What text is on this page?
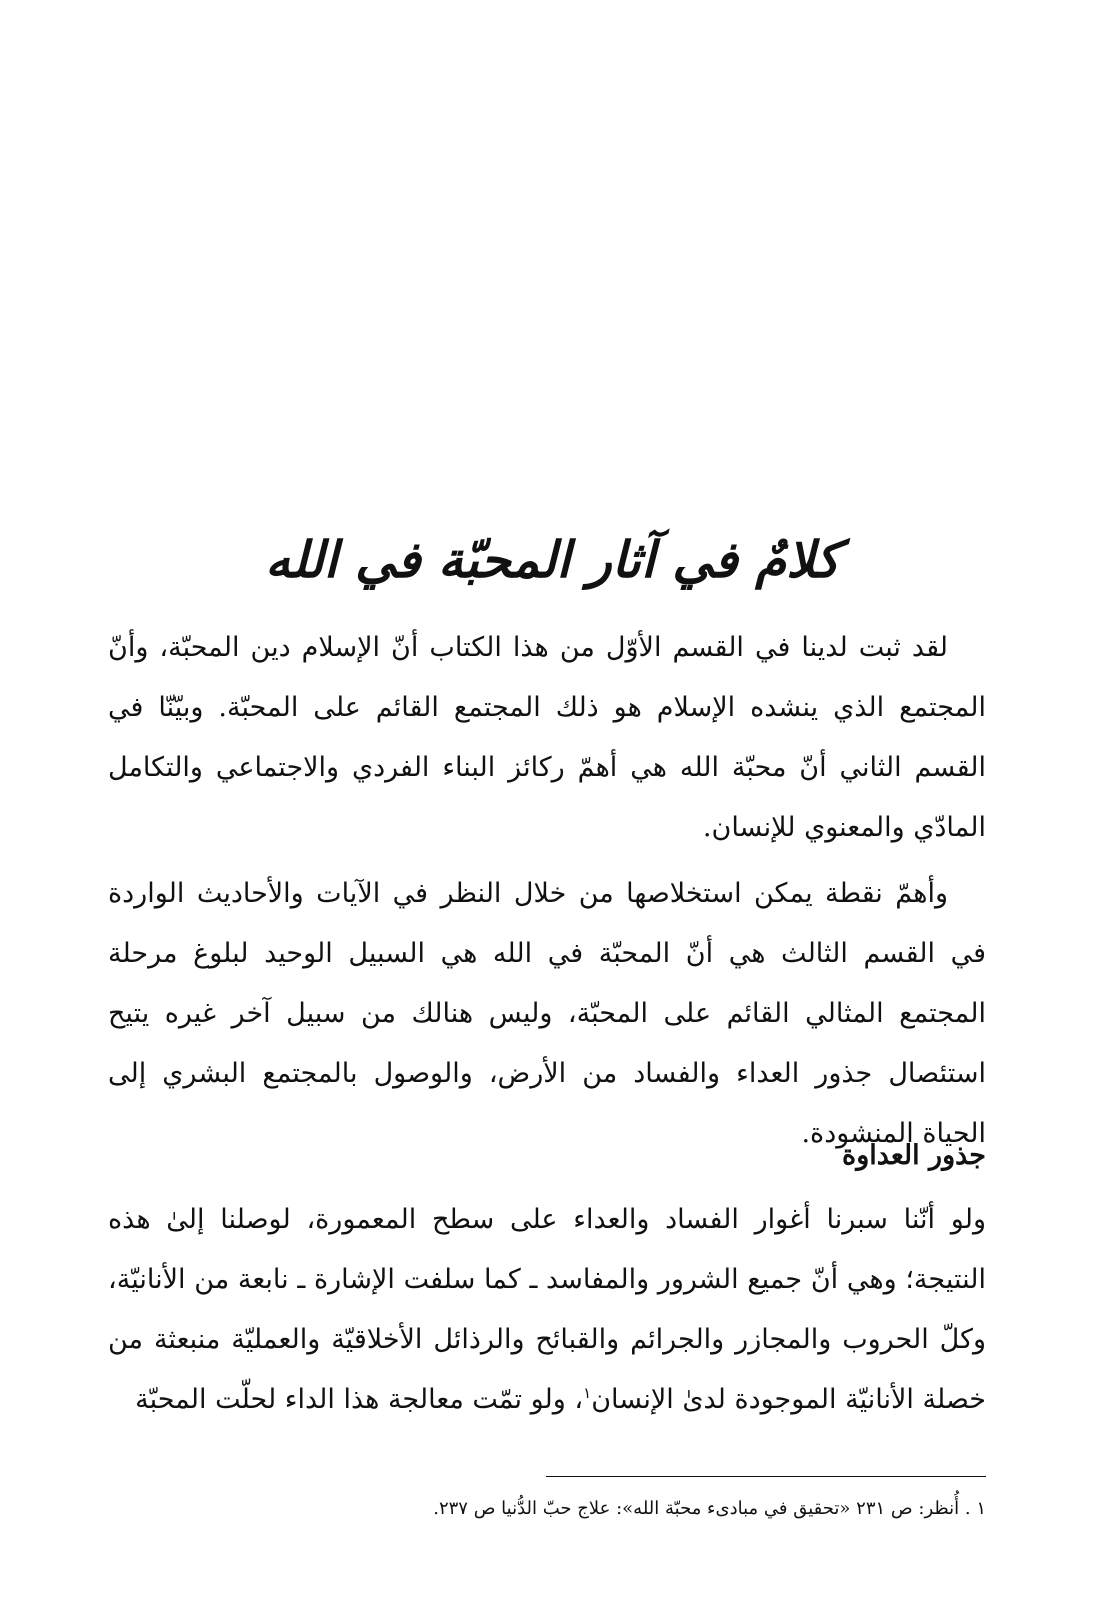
كلامٌ في آثار المحبّة في الله

لقد ثبت لدينا في القسم الأوّل من هذا الكتاب أنّ الإسلام دين المحبّة، وأنّ المجتمع الذي ينشده الإسلام هو ذلك المجتمع القائم على المحبّة. وبيّنّا في القسم الثاني أنّ محبّة الله هي أهمّ ركائز البناء الفردي والاجتماعي والتكامل المادّي والمعنوي للإنسان.

وأهمّ نقطة يمكن استخلاصها من خلال النظر في الآيات والأحاديث الواردة في القسم الثالث هي أنّ المحبّة في الله هي السبيل الوحيد لبلوغ مرحلة المجتمع المثالي القائم على المحبّة، وليس هنالك من سبيل آخر غيره يتيح استئصال جذور العداء والفساد من الأرض، والوصول بالمجتمع البشري إلى الحياة المنشودة.

جذور العداوة

ولو أنّنا سبرنا أغوار الفساد والعداء على سطح المعمورة، لوصلنا إلىٰ هذه النتيجة؛ وهي أنّ جميع الشرور والمفاسد ـ كما سلفت الإشارة ـ نابعة من الأنانيّة، وكلّ الحروب والمجازر والجرائم والقبائح والرذائل الأخلاقيّة والعمليّة منبعثة من خصلة الأنانيّة الموجودة لدىٰ الإنسان$^١$، ولو تمّت معالجة هذا الداء لحلّت المحبّة

١ . أُنظر: ص ٢٣١ «تحقيق في مبادىء محبّة الله»: علاج حبّ الدُّنيا ص ٢٣٧.
